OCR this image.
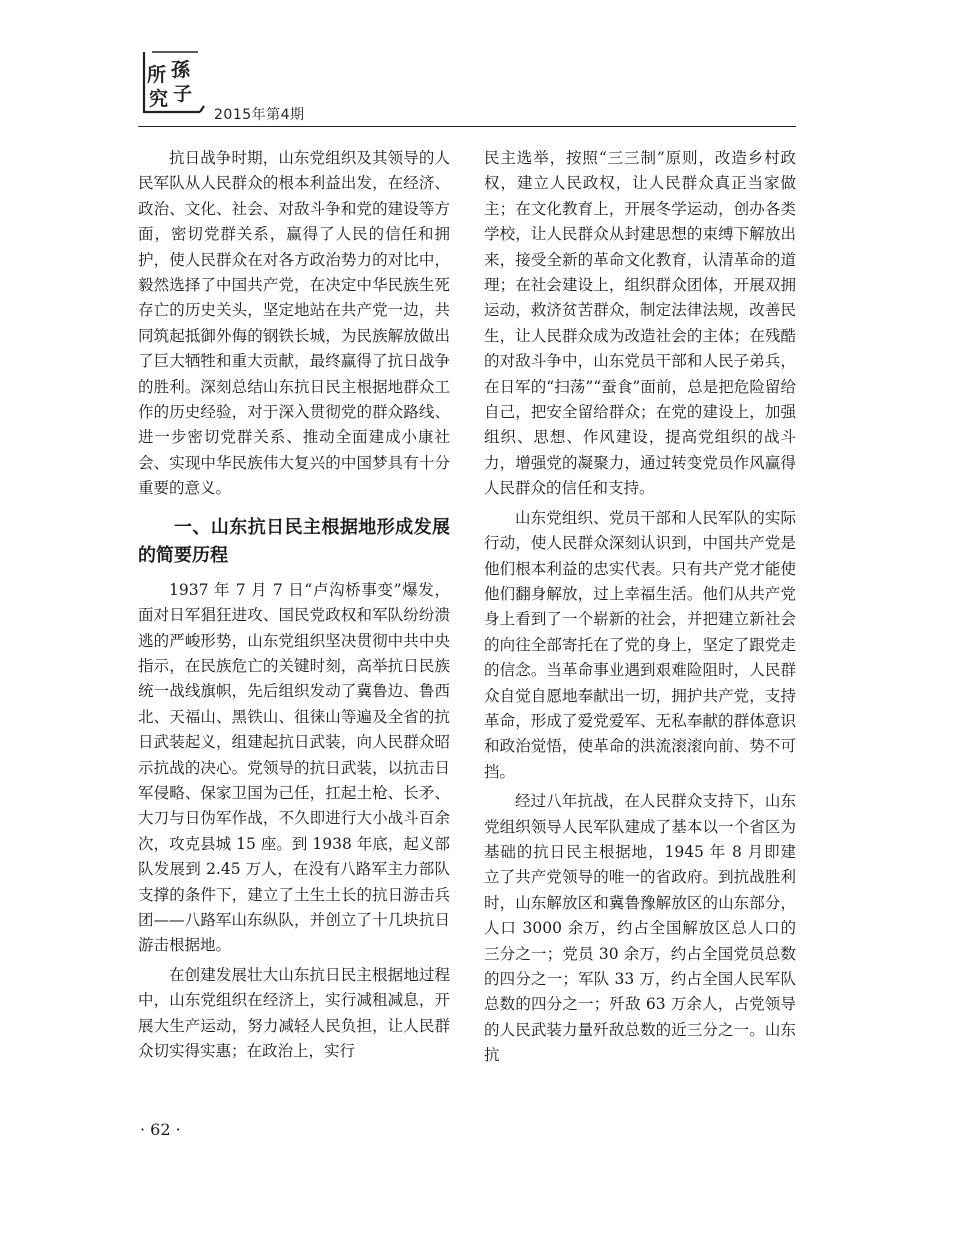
所 孫
究 子
2015年第4期

抗日战争时期，山东党组织及其领导的人民军队从人民群众的根本利益出发，在经济、政治、文化、社会、对敌斗争和党的建设等方面，密切党群关系，赢得了人民的信任和拥护，使人民群众在对各方政治势力的对比中，毅然选择了中国共产党，在决定中华民族生死存亡的历史关头，坚定地站在共产党一边，共同筑起抵御外侮的钢铁长城，为民族解放做出了巨大牺牲和重大贡献，最终赢得了抗日战争的胜利。深刻总结山东抗日民主根据地群众工作的历史经验，对于深入贯彻党的群众路线、进一步密切党群关系、推动全面建成小康社会、实现中华民族伟大复兴的中国梦具有十分重要的意义。

一、山东抗日民主根据地形成发展的简要历程

1937 年 7 月 7 日“卢沟桥事变”爆发，面对日军猖狂进攻、国民党政权和军队纷纷溃逃的严峻形势，山东党组织坚决贯彻中共中央指示，在民族危亡的关键时刻，高举抗日民族统一战线旗帜，先后组织发动了冀鲁边、鲁西北、天福山、黑铁山、徂徕山等遍及全省的抗日武装起义，组建起抗日武装，向人民群众昭示抗战的决心。党领导的抗日武装，以抗击日军侵略、保家卫国为己任，扛起土枪、长矛、大刀与日伪军作战，不久即进行大小战斗百余次，攻克县城 15 座。到 1938 年底，起义部队发展到 2.45 万人，在没有八路军主力部队支撑的条件下，建立了土生土长的抗日游击兵团——八路军山东纵队，并创立了十几块抗日游击根据地。

在创建发展壮大山东抗日民主根据地过程中，山东党组织在经济上，实行减租减息，开展大生产运动，努力减轻人民负担，让人民群众切实得实惠；在政治上，实行

民主选举，按照“三三制”原则，改造乡村政权，建立人民政权，让人民群众真正当家做主；在文化教育上，开展冬学运动，创办各类学校，让人民群众从封建思想的束缚下解放出来，接受全新的革命文化教育，认清革命的道理；在社会建设上，组织群众团体，开展双拥运动，救济贫苦群众，制定法律法规，改善民生，让人民群众成为改造社会的主体；在残酷的对敌斗争中，山东党员干部和人民子弟兵，在日军的“扫荡”“蚕食”面前，总是把危险留给自己，把安全留给群众；在党的建设上，加强组织、思想、作风建设，提高党组织的战斗力，增强党的凝聚力，通过转变党员作风赢得人民群众的信任和支持。

山东党组织、党员干部和人民军队的实际行动，使人民群众深刻认识到，中国共产党是他们根本利益的忠实代表。只有共产党才能使他们翻身解放，过上幸福生活。他们从共产党身上看到了一个崭新的社会，并把建立新社会的向往全部寄托在了党的身上，坚定了跟党走的信念。当革命事业遇到艰难险阻时，人民群众自觉自愿地奉献出一切，拥护共产党，支持革命，形成了爱党爱军、无私奉献的群体意识和政治觉悟，使革命的洪流滚滚向前、势不可挡。

经过八年抗战，在人民群众支持下，山东党组织领导人民军队建成了基本以一个省区为基础的抗日民主根据地，1945 年 8 月即建立了共产党领导的唯一的省政府。到抗战胜利时，山东解放区和冀鲁豫解放区的山东部分，人口 3000 余万，约占全国解放区总人口的三分之一；党员 30 余万，约占全国党员总数的四分之一；军队 33 万，约占全国人民军队总数的四分之一；歼敌 63 万余人，占党领导的人民武装力量歼敌总数的近三分之一。山东抗

· 62 ·
